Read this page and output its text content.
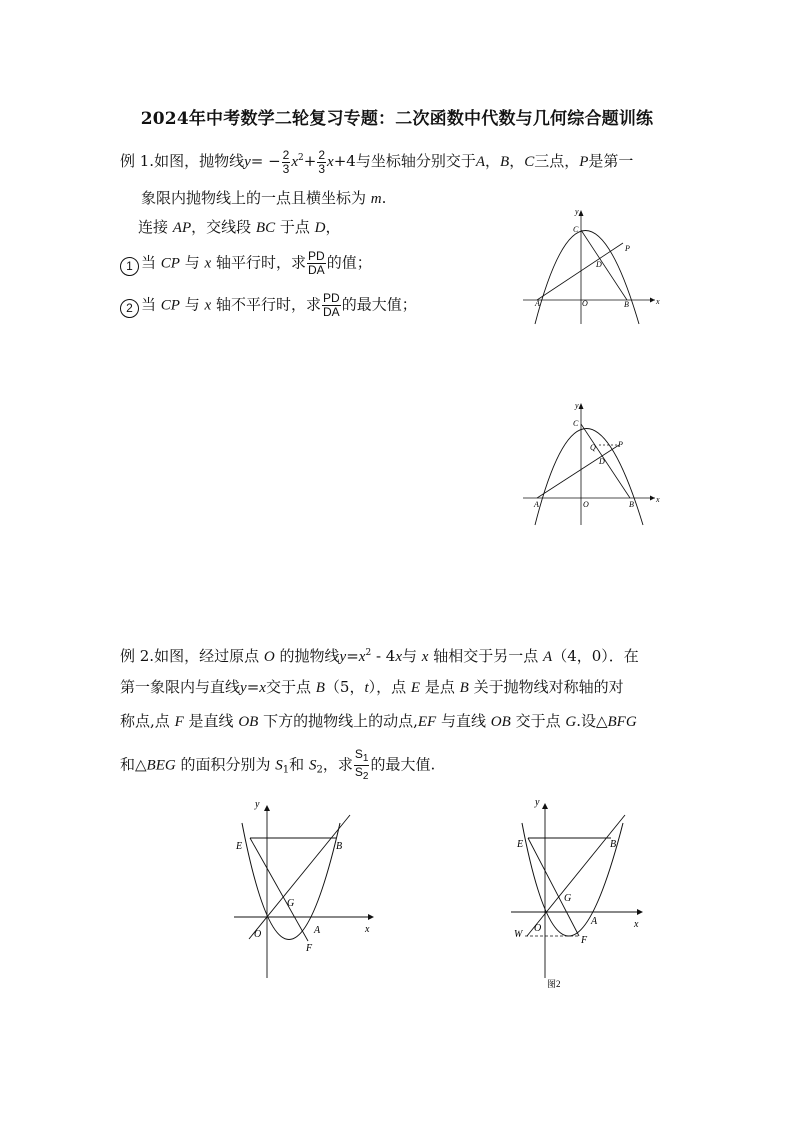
2024年中考数学二轮复习专题：二次函数中代数与几何综合题训练
例 1.如图，抛物线$y= - \frac{2}{3} x^2+ \frac{2}{3} x+4$与坐标轴分别交于A，B，C三点，P是第一
象限内抛物线上的一点且横坐标为 m.
连接 AP，交线段 BC 于点 D，
1 当 CP 与 x 轴平行时，求 $\frac{PD}{DA}$ 的值；
2 当 CP 与 x 轴不平行时，求 $\frac{PD}{DA}$ 的最大值；
y
x
C
P
D
A	O	B
y
x
C
P
Q
D
A	O	B
例 2.如图，经过原点 O 的抛物线$y=x^2 - 4x$与 x 轴相交于另一点 A（4，0）．在
第一象限内与直线y=x交于点 B（5，t），点 E 是点 B 关于抛物线对称轴的对
称点,点 F 是直线 OB 下方的抛物线上的动点,EF 与直线 OB 交于点 G.设△BFG
和△BEG 的面积分别为 $S_1$和 $S_2$，求 $\frac{S_1}{S_2}$ 的最大值.
y
x
E	B
G
O	A
F
y
x
E	B
G
O
A
F
W
图2
